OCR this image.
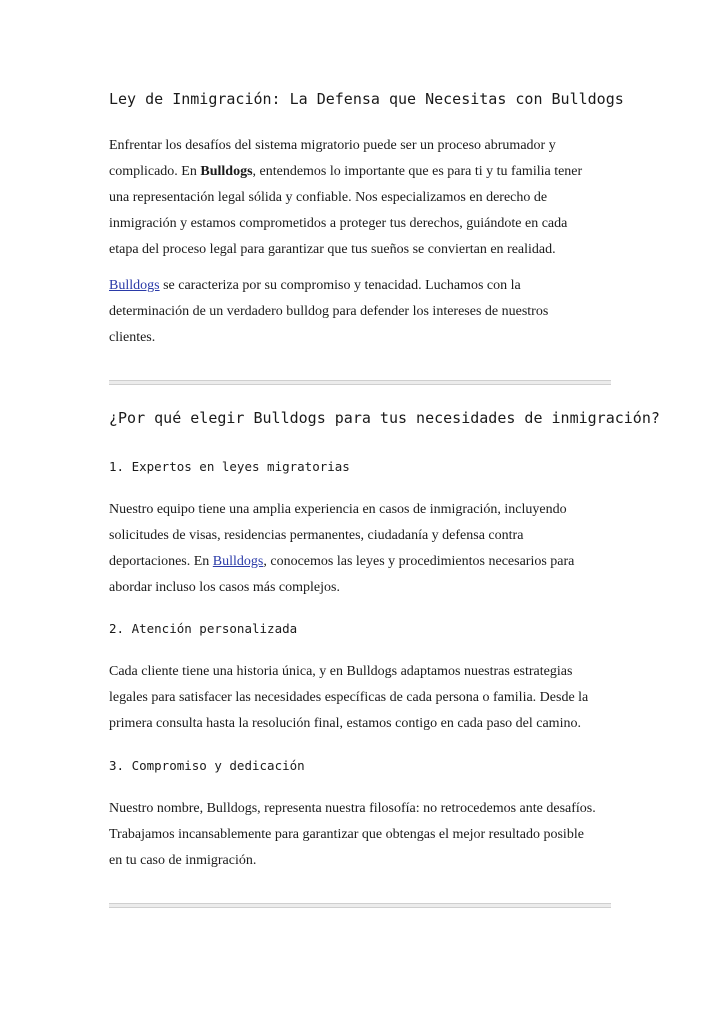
Ley de Inmigración: La Defensa que Necesitas con Bulldogs

Enfrentar los desafíos del sistema migratorio puede ser un proceso abrumador y
complicado. En Bulldogs, entendemos lo importante que es para ti y tu familia tener
una representación legal sólida y confiable. Nos especializamos en derecho de
inmigración y estamos comprometidos a proteger tus derechos, guiándote en cada
etapa del proceso legal para garantizar que tus sueños se conviertan en realidad.

Bulldogs se caracteriza por su compromiso y tenacidad. Luchamos con la
determinación de un verdadero bulldog para defender los intereses de nuestros
clientes.

¿Por qué elegir Bulldogs para tus necesidades de inmigración?
1. Expertos en leyes migratorias

Nuestro equipo tiene una amplia experiencia en casos de inmigración, incluyendo
solicitudes de visas, residencias permanentes, ciudadanía y defensa contra
deportaciones. En Bulldogs, conocemos las leyes y procedimientos necesarios para
abordar incluso los casos más complejos.

2. Atención personalizada

Cada cliente tiene una historia única, y en Bulldogs adaptamos nuestras estrategias
legales para satisfacer las necesidades específicas de cada persona o familia. Desde la
primera consulta hasta la resolución final, estamos contigo en cada paso del camino.

3. Compromiso y dedicación

Nuestro nombre, Bulldogs, representa nuestra filosofía: no retrocedemos ante desafíos.
Trabajamos incansablemente para garantizar que obtengas el mejor resultado posible
en tu caso de inmigración.
